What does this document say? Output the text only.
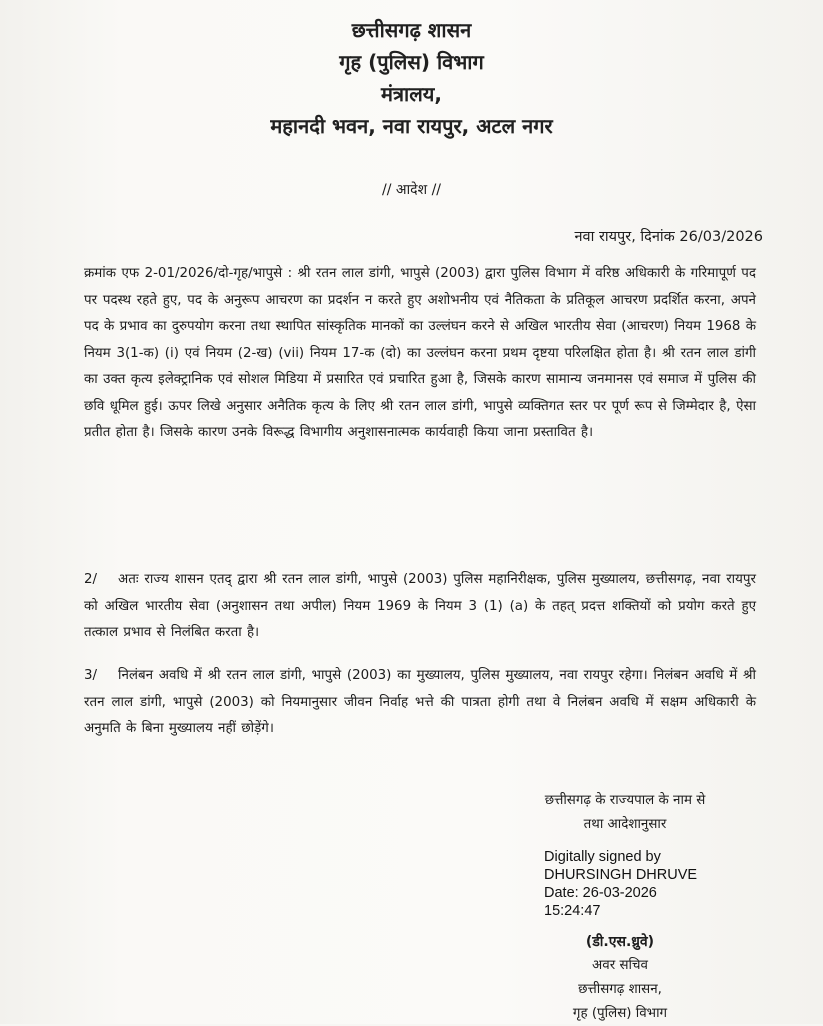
छत्तीसगढ़ शासन
गृह (पुलिस) विभाग
मंत्रालय,
महानदी भवन, नवा रायपुर, अटल नगर
// आदेश //
नवा रायपुर, दिनांक 26/03/2026
क्रमांक एफ 2-01/2026/दो-गृह/भापुसे : श्री रतन लाल डांगी, भापुसे (2003) द्वारा पुलिस विभाग में वरिष्ठ अधिकारी के गरिमापूर्ण पद पर पदस्थ रहते हुए, पद के अनुरूप आचरण का प्रदर्शन न करते हुए अशोभनीय एवं नैतिकता के प्रतिकूल आचरण प्रदर्शित करना, अपने पद के प्रभाव का दुरुपयोग करना तथा स्थापित सांस्कृतिक मानकों का उल्लंघन करने से अखिल भारतीय सेवा (आचरण) नियम 1968 के नियम 3(1-क) (i) एवं नियम (2-ख) (vii) नियम 17-क (दो) का उल्लंघन करना प्रथम दृष्टया परिलक्षित होता है। श्री रतन लाल डांगी का उक्त कृत्य इलेक्ट्रानिक एवं सोशल मिडिया में प्रसारित एवं प्रचारित हुआ है, जिसके कारण सामान्य जनमानस एवं समाज में पुलिस की छवि धूमिल हुई। ऊपर लिखे अनुसार अनैतिक कृत्य के लिए श्री रतन लाल डांगी, भापुसे व्यक्तिगत स्तर पर पूर्ण रूप से जिम्मेदार है, ऐसा प्रतीत होता है। जिसके कारण उनके विरूद्ध विभागीय अनुशासनात्मक कार्यवाही किया जाना प्रस्तावित है।
2/ अतः राज्य शासन एतद् द्वारा श्री रतन लाल डांगी, भापुसे (2003) पुलिस महानिरीक्षक, पुलिस मुख्यालय, छत्तीसगढ़, नवा रायपुर को अखिल भारतीय सेवा (अनुशासन तथा अपील) नियम 1969 के नियम 3 (1) (a) के तहत् प्रदत्त शक्तियों को प्रयोग करते हुए तत्काल प्रभाव से निलंबित करता है।
3/ निलंबन अवधि में श्री रतन लाल डांगी, भापुसे (2003) का मुख्यालय, पुलिस मुख्यालय, नवा रायपुर रहेगा। निलंबन अवधि में श्री रतन लाल डांगी, भापुसे (2003) को नियमानुसार जीवन निर्वाह भत्ते की पात्रता होगी तथा वे निलंबन अवधि में सक्षम अधिकारी के अनुमति के बिना मुख्यालय नहीं छोड़ेंगे।
छत्तीसगढ़ के राज्यपाल के नाम से
तथा आदेशानुसार
Digitally signed by
DHURSINGH DHRUVE
Date: 26-03-2026
15:24:47
(डी.एस.ध्रुवे)
अवर सचिव
छत्तीसगढ़ शासन,
गृह (पुलिस) विभाग
